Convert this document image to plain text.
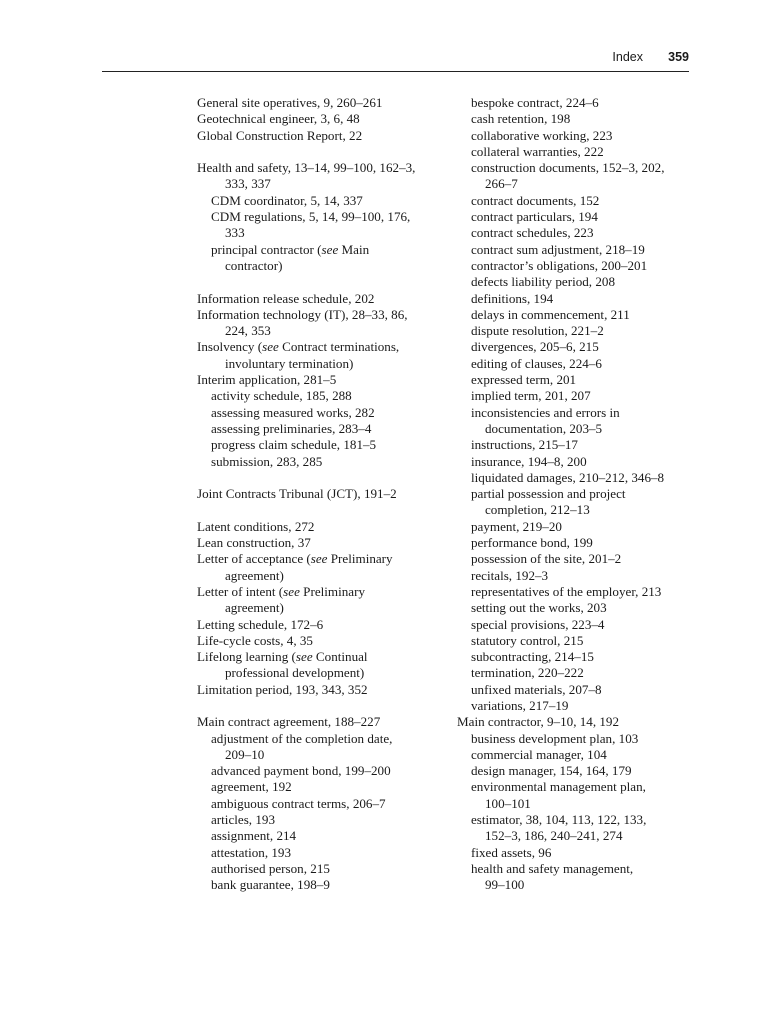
Index 359
General site operatives, 9, 260–261
Geotechnical engineer, 3, 6, 48
Global Construction Report, 22
Health and safety, 13–14, 99–100, 162–3,
333, 337
CDM coordinator, 5, 14, 337
CDM regulations, 5, 14, 99–100, 176,
333
principal contractor (see Main
contractor)
Information release schedule, 202
Information technology (IT), 28–33, 86,
224, 353
Insolvency (see Contract terminations,
involuntary termination)
Interim application, 281–5
activity schedule, 185, 288
assessing measured works, 282
assessing preliminaries, 283–4
progress claim schedule, 181–5
submission, 283, 285
Joint Contracts Tribunal (JCT), 191–2
Latent conditions, 272
Lean construction, 37
Letter of acceptance (see Preliminary
agreement)
Letter of intent (see Preliminary
agreement)
Letting schedule, 172–6
Life-cycle costs, 4, 35
Lifelong learning (see Continual
professional development)
Limitation period, 193, 343, 352
Main contract agreement, 188–227
adjustment of the completion date,
209–10
advanced payment bond, 199–200
agreement, 192
ambiguous contract terms, 206–7
articles, 193
assignment, 214
attestation, 193
authorised person, 215
bank guarantee, 198–9
bespoke contract, 224–6
cash retention, 198
collaborative working, 223
collateral warranties, 222
construction documents, 152–3, 202,
266–7
contract documents, 152
contract particulars, 194
contract schedules, 223
contract sum adjustment, 218–19
contractor’s obligations, 200–201
defects liability period, 208
definitions, 194
delays in commencement, 211
dispute resolution, 221–2
divergences, 205–6, 215
editing of clauses, 224–6
expressed term, 201
implied term, 201, 207
inconsistencies and errors in
documentation, 203–5
instructions, 215–17
insurance, 194–8, 200
liquidated damages, 210–212, 346–8
partial possession and project
completion, 212–13
payment, 219–20
performance bond, 199
possession of the site, 201–2
recitals, 192–3
representatives of the employer, 213
setting out the works, 203
special provisions, 223–4
statutory control, 215
subcontracting, 214–15
termination, 220–222
unfixed materials, 207–8
variations, 217–19
Main contractor, 9–10, 14, 192
business development plan, 103
commercial manager, 104
design manager, 154, 164, 179
environmental management plan,
100–101
estimator, 38, 104, 113, 122, 133,
152–3, 186, 240–241, 274
fixed assets, 96
health and safety management,
99–100
